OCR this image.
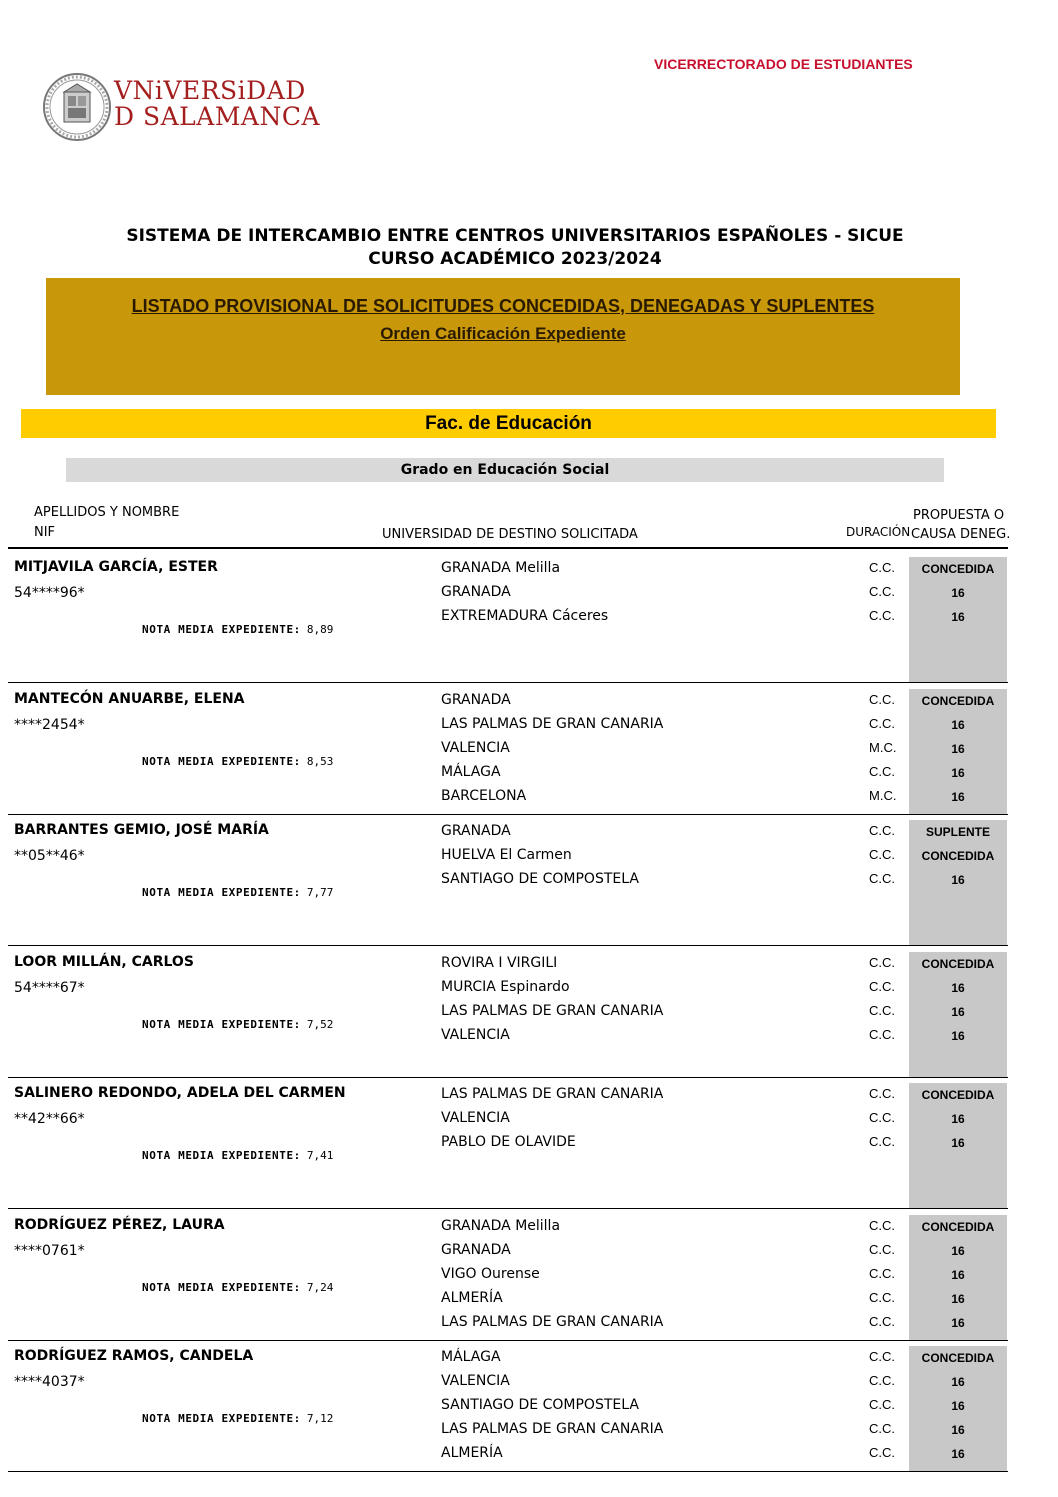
VNiVERSiDAD
D SALAMANCA
VICERRECTORADO DE ESTUDIANTES
SISTEMA DE INTERCAMBIO ENTRE CENTROS UNIVERSITARIOS ESPAÑOLES - SICUE
CURSO ACADÉMICO 2023/2024
LISTADO PROVISIONAL DE SOLICITUDES CONCEDIDAS, DENEGADAS Y SUPLENTES
Orden Calificación Expediente
Fac. de Educación
Grado en Educación Social
APELLIDOS Y NOMBRE
NIF	UNIVERSIDAD DE DESTINO SOLICITADA	DURACIÓN
PROPUESTA O
CAUSA DENEG.
MITJAVILA GARCÍA, ESTER
54****96*
NOTA MEDIA EXPEDIENTE: 8,89
GRANADA Melilla	C.C.	CONCEDIDA
GRANADA	C.C.	16
EXTREMADURA Cáceres	C.C.	16
MANTECÓN ANUARBE, ELENA
****2454*
NOTA MEDIA EXPEDIENTE: 8,53
GRANADA	C.C.	CONCEDIDA
LAS PALMAS DE GRAN CANARIA	C.C.	16
VALENCIA	M.C.	16
MÁLAGA	C.C.	16
BARCELONA	M.C.	16
BARRANTES GEMIO, JOSÉ MARÍA
**05**46*
NOTA MEDIA EXPEDIENTE: 7,77
GRANADA	C.C.	SUPLENTE
HUELVA El Carmen	C.C.	CONCEDIDA
SANTIAGO DE COMPOSTELA	C.C.	16
LOOR MILLÁN, CARLOS
54****67*
NOTA MEDIA EXPEDIENTE: 7,52
ROVIRA I VIRGILI	C.C.	CONCEDIDA
MURCIA Espinardo	C.C.	16
LAS PALMAS DE GRAN CANARIA	C.C.	16
VALENCIA	C.C.	16
SALINERO REDONDO, ADELA DEL CARMEN
**42**66*
NOTA MEDIA EXPEDIENTE: 7,41
LAS PALMAS DE GRAN CANARIA	C.C.	CONCEDIDA
VALENCIA	C.C.	16
PABLO DE OLAVIDE	C.C.	16
RODRÍGUEZ PÉREZ, LAURA
****0761*
NOTA MEDIA EXPEDIENTE: 7,24
GRANADA Melilla	C.C.	CONCEDIDA
GRANADA	C.C.	16
VIGO Ourense	C.C.	16
ALMERÍA	C.C.	16
LAS PALMAS DE GRAN CANARIA	C.C.	16
RODRÍGUEZ RAMOS, CANDELA
****4037*
NOTA MEDIA EXPEDIENTE: 7,12
MÁLAGA	C.C.	CONCEDIDA
VALENCIA	C.C.	16
SANTIAGO DE COMPOSTELA	C.C.	16
LAS PALMAS DE GRAN CANARIA	C.C.	16
ALMERÍA	C.C.	16
